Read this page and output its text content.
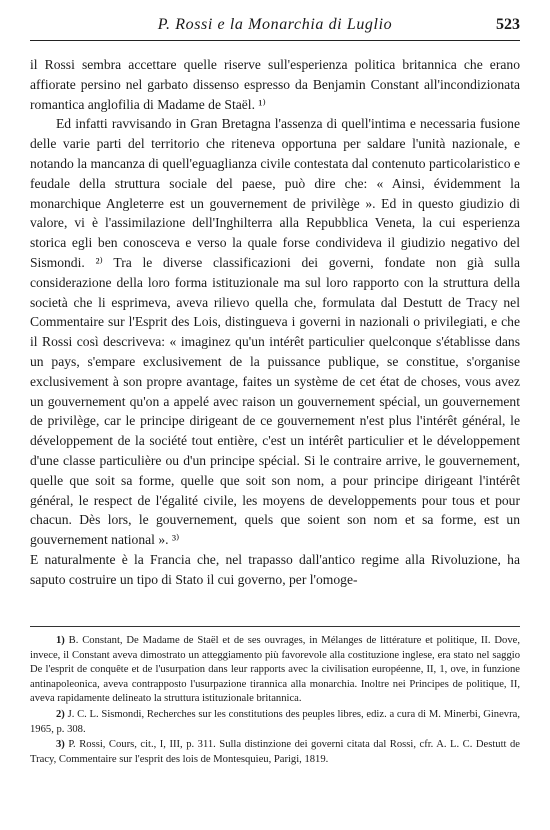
P. Rossi e la Monarchia di Luglio	523

il Rossi sembra accettare quelle riserve sull'esperienza politica britannica che erano affiorate persino nel garbato dissenso espresso da Benjamin Constant all'incondizionata romantica anglofilia di Madame de Staël. ¹⁾

Ed infatti ravvisando in Gran Bretagna l'assenza di quell'intima e necessaria fusione delle varie parti del territorio che riteneva opportuna per saldare l'unità nazionale, e notando la mancanza di quell'eguaglianza civile contestata dal contenuto particolaristico e feudale della struttura sociale del paese, può dire che: « Ainsi, évidemment la monarchique Angleterre est un gouvernement de privilège ». Ed in questo giudizio di valore, vi è l'assimilazione dell'Inghilterra alla Repubblica Veneta, la cui esperienza storica egli ben conosceva e verso la quale forse condivideva il giudizio negativo del Sismondi. ²⁾ Tra le diverse classificazioni dei governi, fondate non già sulla considerazione della loro forma istituzionale ma sul loro rapporto con la struttura della società che li esprimeva, aveva rilievo quella che, formulata dal Destutt de Tracy nel Commentaire sur l'Esprit des Lois, distingueva i governi in nazionali o privilegiati, e che il Rossi così descriveva: « imaginez qu'un intérêt particulier quelconque s'établisse dans un pays, s'empare exclusivement de la puissance publique, se constitue, s'organise exclusivement à son propre avantage, faites un système de cet état de choses, vous avez un gouvernement qu'on a appelé avec raison un gouvernement spécial, un gouvernement de privilège, car le principe dirigeant de ce gouvernement n'est plus l'intérêt général, le développement de la société tout entière, c'est un intérêt particulier et le développement d'une classe particulière ou d'un principe spécial. Si le contraire arrive, le gouvernement, quelle que soit sa forme, quelle que soit son nom, a pour principe dirigeant l'intérêt général, le respect de l'égalité civile, les moyens de developpements pour tous et pour chacun. Dès lors, le gouvernement, quels que soient son nom et sa forme, est un gouvernement national ». ³⁾

E naturalmente è la Francia che, nel trapasso dall'antico regime alla Rivoluzione, ha saputo costruire un tipo di Stato il cui governo, per l'omoge-

1) B. Constant, De Madame de Staël et de ses ouvrages, in Mélanges de littérature et politique, II. Dove, invece, il Constant aveva dimostrato un atteggiamento più favorevole alla costituzione inglese, era stato nel saggio De l'esprit de conquête et de l'usurpation dans leur rapports avec la civilisation européenne, II, 1, ove, in funzione antinapoleonica, aveva contrapposto l'usurpazione tirannica alla monarchia. Inoltre nei Principes de politique, II, aveva rapidamente delineato la struttura istituzionale britannica.

2) J. C. L. Sismondi, Recherches sur les constitutions des peuples libres, ediz. a cura di M. Minerbi, Ginevra, 1965, p. 308.

3) P. Rossi, Cours, cit., I, III, p. 311. Sulla distinzione dei governi citata dal Rossi, cfr. A. L. C. Destutt de Tracy, Commentaire sur l'esprit des lois de Montesquieu, Parigi, 1819.
